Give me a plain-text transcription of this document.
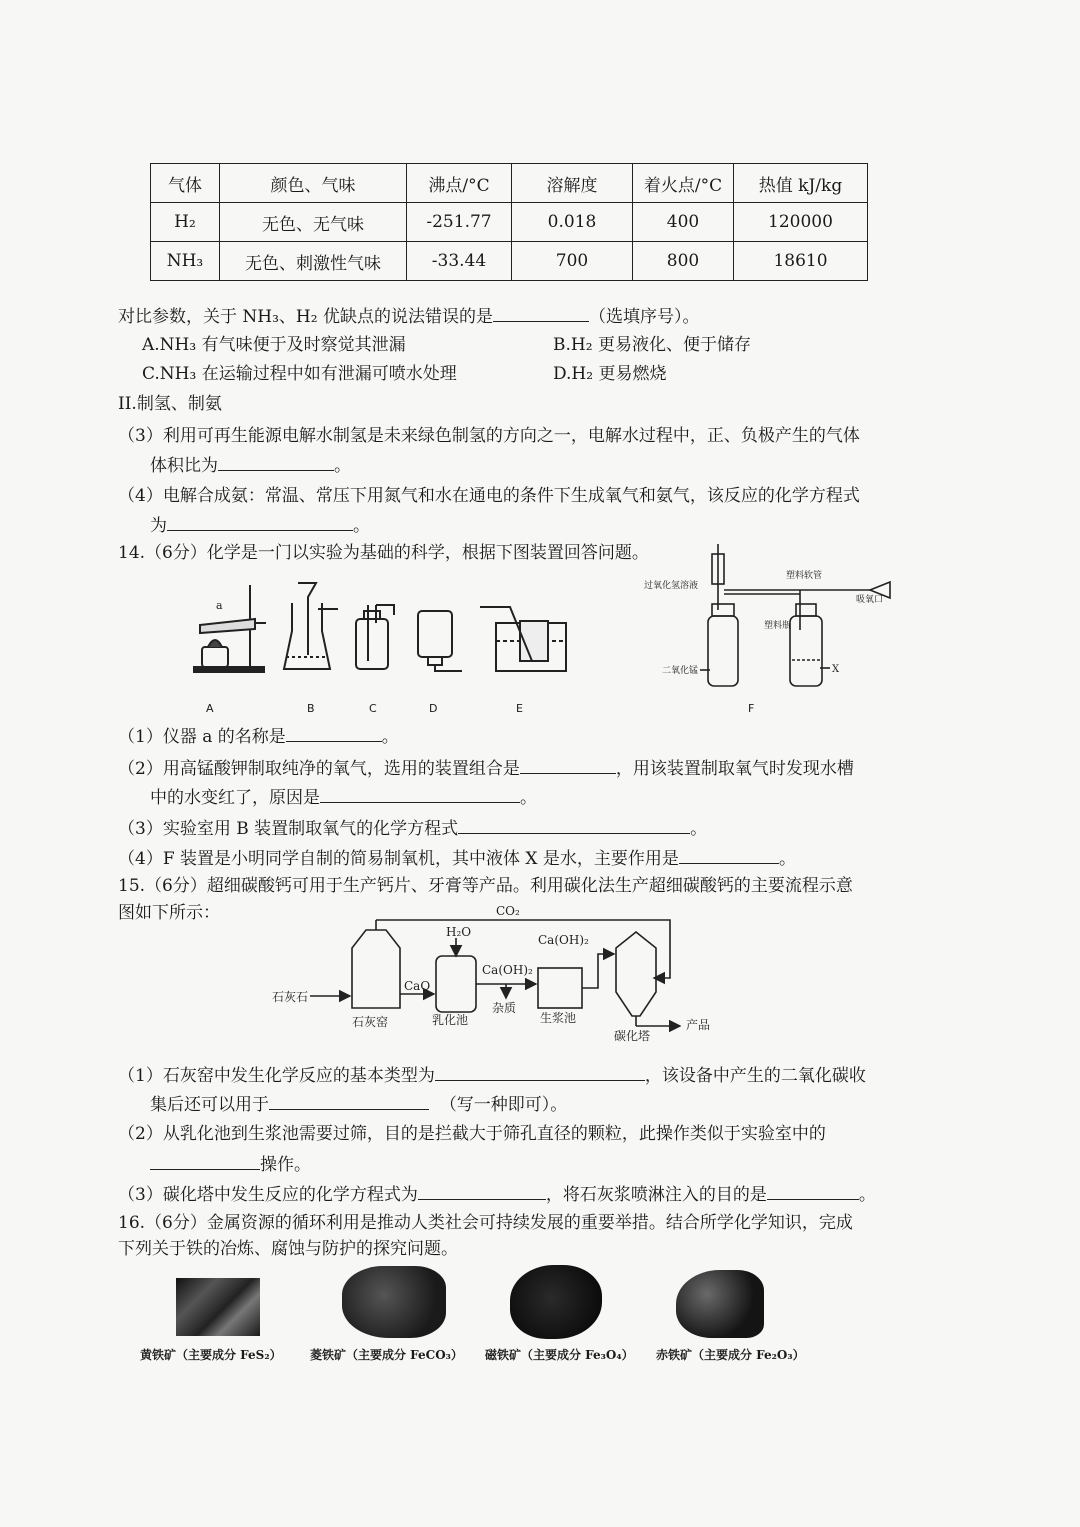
气体	颜色、气味	沸点/°C	溶解度	着火点/°C	热值 kJ/kg
H₂	无色、无气味	-251.77	0.018	400	120000
NH₃	无色、刺激性气味	-33.44	700	800	18610
对比参数，关于 NH₃、H₂ 优缺点的说法错误的是	（选填序号）。
A.NH₃ 有气味便于及时察觉其泄漏	B.H₂ 更易液化、便于储存
C.NH₃ 在运输过程中如有泄漏可喷水处理	D.H₂ 更易燃烧
II.制氢、制氨
（3）利用可再生能源电解水制氢是未来绿色制氢的方向之一，电解水过程中，正、负极产生的气体
体积比为	。
（4）电解合成氨：常温、常压下用氮气和水在通电的条件下生成氧气和氨气，该反应的化学方程式
为	。
14.（6分）化学是一门以实验为基础的科学，根据下图装置回答问题。
a
A	B	C	D	E	F
过氧化氢溶液
塑料软管
吸氧口
塑料瓶
二氧化锰	X
（1）仪器 a 的名称是	。
（2）用高锰酸钾制取纯净的氧气，选用的装置组合是	，用该装置制取氧气时发现水槽
中的水变红了，原因是	。
（3）实验室用 B 装置制取氧气的化学方程式	。
（4）F 装置是小明同学自制的简易制氧机，其中液体 X 是水，主要作用是	。
15.（6分）超细碳酸钙可用于生产钙片、牙膏等产品。利用碳化法生产超细碳酸钙的主要流程示意
图如下所示：	CO₂
H₂O
Ca(OH)₂
Ca(OH)₂
CaO
石灰石
石灰窑	乳化池
杂质
生浆池
碳化塔
产品
（1）石灰窑中发生化学反应的基本类型为	，该设备中产生的二氧化碳收
集后还可以用于	（写一种即可）。
（2）从乳化池到生浆池需要过筛，目的是拦截大于筛孔直径的颗粒，此操作类似于实验室中的
操作。
（3）碳化塔中发生反应的化学方程式为	，将石灰浆喷淋注入的目的是	。
16.（6分）金属资源的循环利用是推动人类社会可持续发展的重要举措。结合所学化学知识，完成
下列关于铁的冶炼、腐蚀与防护的探究问题。
黄铁矿（主要成分 FeS₂） 菱铁矿（主要成分 FeCO₃） 磁铁矿（主要成分 Fe₃O₄） 赤铁矿（主要成分 Fe₂O₃）
